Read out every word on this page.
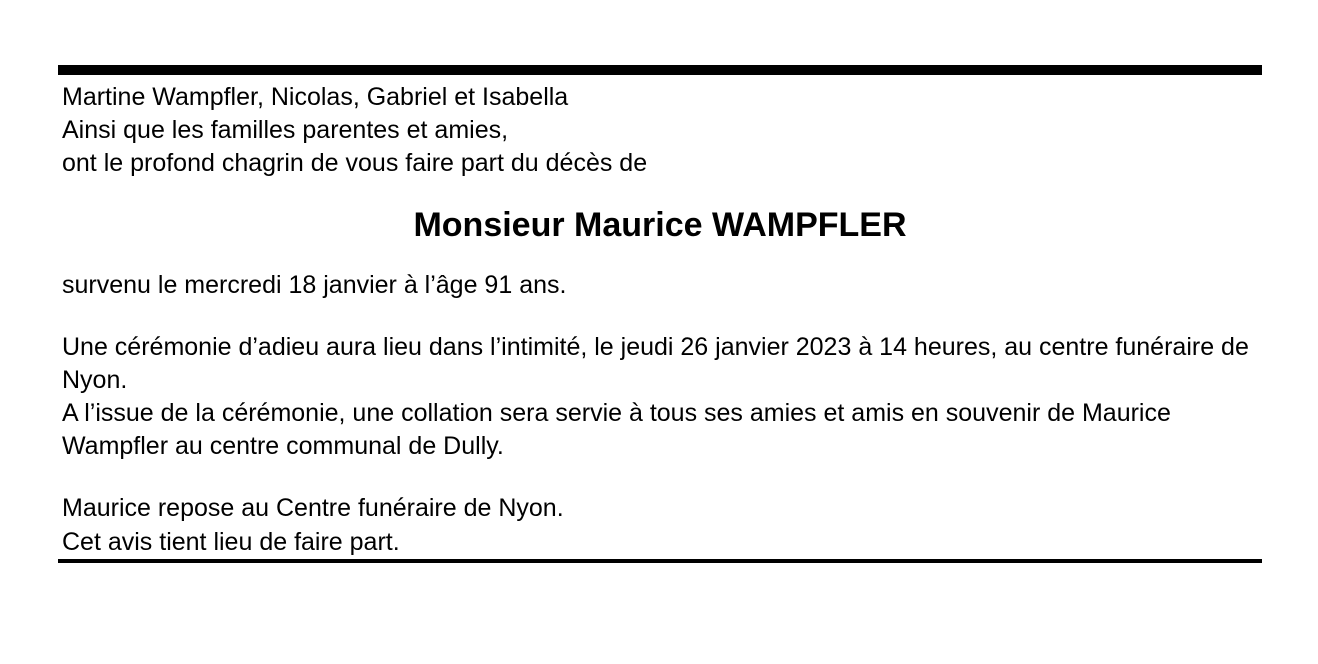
Martine Wampfler, Nicolas, Gabriel et Isabella
Ainsi que les familles parentes et amies,
ont le profond chagrin de vous faire part du décès de
Monsieur Maurice WAMPFLER

survenu le mercredi 18 janvier à l’âge 91 ans.

Une cérémonie d’adieu aura lieu dans l’intimité, le jeudi 26 janvier 2023 à 14 heures, au centre funéraire de Nyon.
A l’issue de la cérémonie, une collation sera servie à tous ses amies et amis en souvenir de Maurice Wampfler au centre communal de Dully.

Maurice repose au Centre funéraire de Nyon.

Cet avis tient lieu de faire part.
